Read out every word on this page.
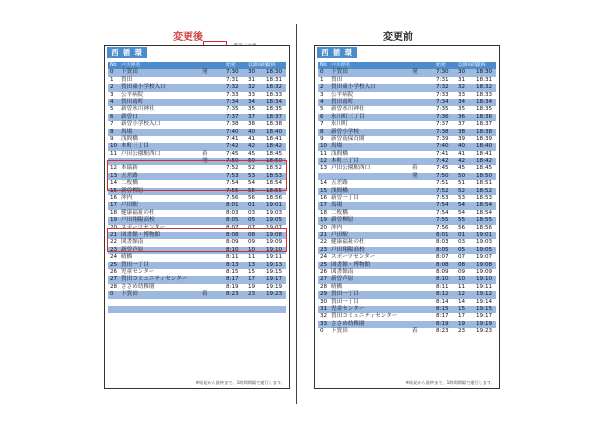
変更後	変更前
西 循 環
No バス停名	始発	以降毎時
最終
0 下賀田	発	7:30 30 18:30
1 賀田	7:31 31 18:31
2 賀田東小学校入口	7:32 32 18:32
3 公平病院	7:33 33 18:33
4 賀田南町	7:34 34 18:34
5 新曽氷川神社	7:35 35 18:35
6 新曽口	7:37 37 18:37
7 新曽小学校入口	7:38 38 18:38
8 馬場	7:40 40 18:40
9 浅間橋	7:41 41 18:41
10 本町三丁目	7:42 42 18:42
11 戸田公園駅西口	着	7:45 45 18:45
発	7:50 50 18:50
12 本瑞新	7:52 52 18:52
13 五差路	7:53 53 18:53
14 二枚橋	7:54 54 18:54
15 新曽柳原	7:55 55 18:55
16 沖内	7:56 56 18:56
17 戸田駅	8:01 01 19:01
18 健康福祉の杜	8:03 03 19:03
19 戸田翔陽高校	8:05 05 19:05
20 スポーツセンター	8:07 07 19:07
21 図書館・博物館	8:08 08 19:08
22 図書館南	8:09 09 19:09
23 新曽芦原	8:10 10 19:10
24 晴橋	8:11 11 19:11
25 賀田一丁目	8:13 13 19:13
26 児童センター	8:15 15 19:15
27 賀田コミュニティセンター	8:17 17 19:17
28 ささめ幼稚園	8:19 19 19:19
0 下賀田	着	8:23 23 19:23
※始発から最終まで、1時間間隔で運行します。
西 循 環
No バス停名	始発	以降毎時
最終
0 下賀田	発	7:30 30 18:30
1 賀田	7:31 31 18:31
2 賀田東小学校入口	7:32 32 18:32
3 公平病院	7:33 33 18:33
4 賀田南町	7:34 34 18:34
5 新曽氷川神社	7:35 35 18:35
6 氷川町三丁目	7:36 36 18:36
7 氷川町	7:37 37 18:37
8 新曽小学校	7:38 38 18:38
9 新曽南保育園	7:39 39 18:39
10 馬場	7:40 40 18:40
11 浅間橋	7:41 41 18:41
12 本町三丁目	7:42 42 18:42
13 戸田公園駅西口	着	7:45 45 18:45
発	7:50 50 18:50
14 五差路	7:51 51 18:51
15 浅間橋	7:52 52 18:52
16 新曽一丁目	7:53 53 18:53
17 馬場	7:54 54 18:54
18 二枚橋	7:54 54 18:54
19 新曽柳原	7:55 55 18:55
20 沖内	7:56 56 18:56
21 戸田駅	8:01 01 19:01
22 健康福祉の杜	8:03 03 19:03
23 戸田翔陽高校	8:05 05 19:05
24 スポーツセンター	8:07 07 19:07
25 図書館・博物館	8:08 08 19:08
26 図書館南	8:09 09 19:09
27 新曽芦原	8:10 10 19:10
28 晴橋	8:11 11 19:11
29 賀田一丁目	8:12 12 19:12
30 賀田一丁目	8:14 14 19:14
31 児童センター	8:15 15 19:15
32 賀田コミュニティセンター	8:17 17 19:17
33 ささめ幼稚園	8:19 19 19:19
0 下賀田	着	8:23 23 19:23
※始発から最終まで、1時間間隔で運行します。
